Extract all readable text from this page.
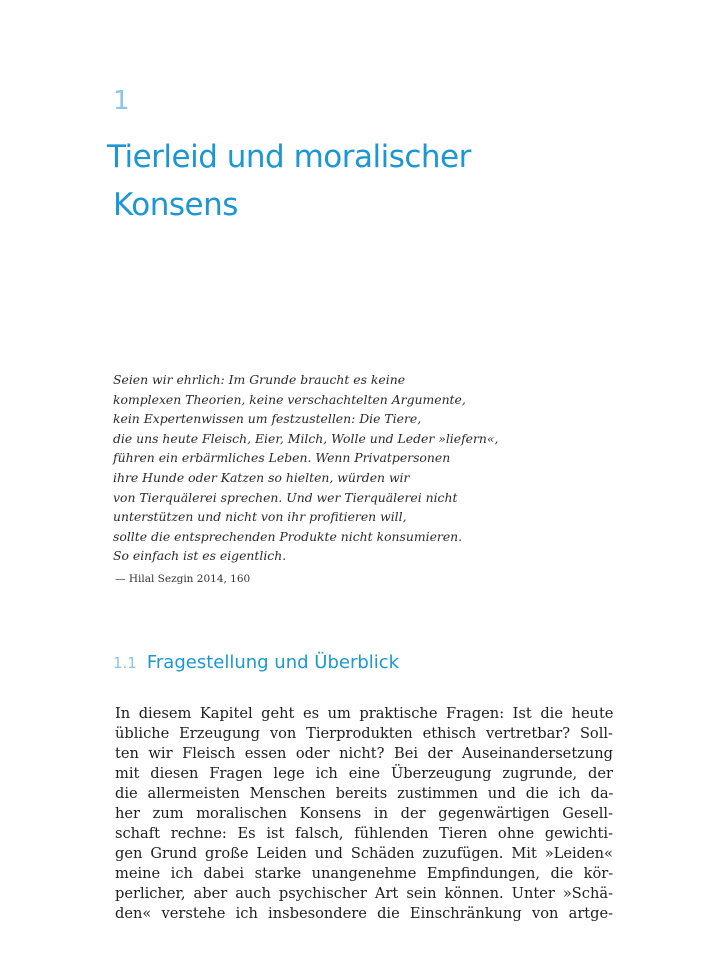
1
Tierleid und moralischer
Konsens
Seien wir ehrlich: Im Grunde braucht es keine
komplexen Theorien, keine verschachtelten Argumente,
kein Expertenwissen um festzustellen: Die Tiere,
die uns heute Fleisch, Eier, Milch, Wolle und Leder »liefern«,
führen ein erbärmliches Leben. Wenn Privatpersonen
ihre Hunde oder Katzen so hielten, würden wir
von Tierquälerei sprechen. Und wer Tierquälerei nicht
unterstützen und nicht von ihr profitieren will,
sollte die entsprechenden Produkte nicht konsumieren.
So einfach ist es eigentlich.
— Hilal Sezgin 2014, 160
1.1 Fragestellung und Überblick
In diesem Kapitel geht es um praktische Fragen: Ist die heute
übliche Erzeugung von Tierprodukten ethisch vertretbar? Soll-
ten wir Fleisch essen oder nicht? Bei der Auseinandersetzung
mit diesen Fragen lege ich eine Überzeugung zugrunde, der
die allermeisten Menschen bereits zustimmen und die ich da-
her zum moralischen Konsens in der gegenwärtigen Gesell-
schaft rechne: Es ist falsch, fühlenden Tieren ohne gewichti-
gen Grund große Leiden und Schäden zuzufügen. Mit »Leiden«
meine ich dabei starke unangenehme Empfindungen, die kör-
perlicher, aber auch psychischer Art sein können. Unter »Schä-
den« verstehe ich insbesondere die Einschränkung von artge-
